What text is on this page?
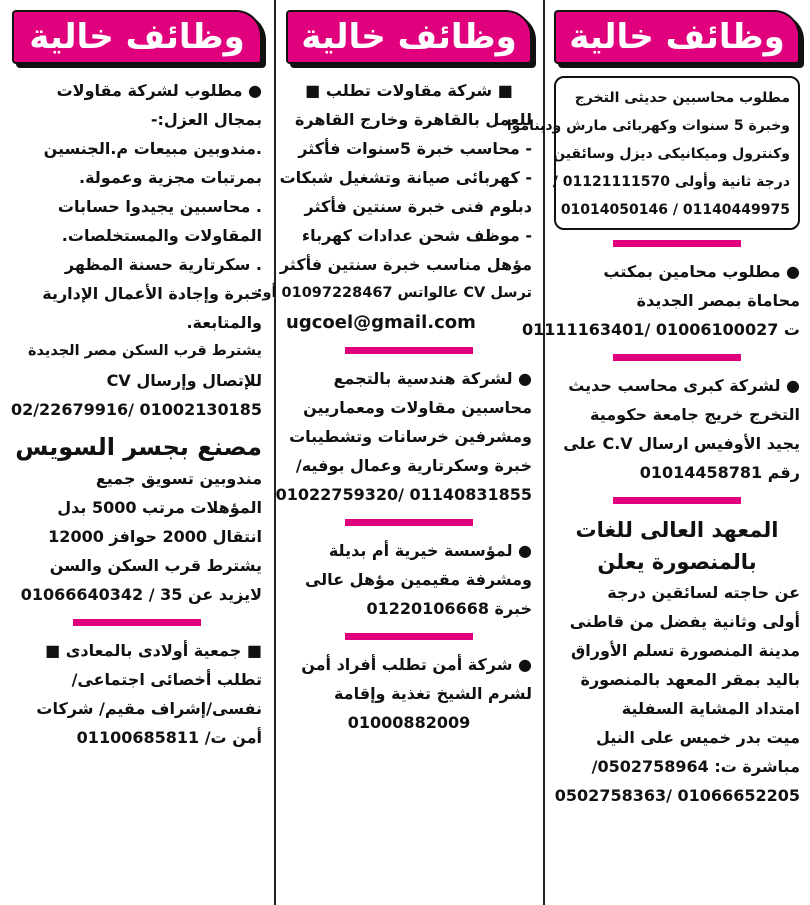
وظائف خالية
مطلوب محاسبين حديثى التخرج
وخبرة 5 سنوات وكهربائى مارش وديناموا
وكنترول وميكانيكى ديزل وسائقين
درجة ثانية وأولى 01121111570 /
01140449975 / 01014050146
● مطلوب محامين بمكتب
محاماة بمصر الجديدة
ت 01006100027 /01111163401
● لشركة كبرى محاسب حديث
التخرج خريج جامعة حكومية
يجيد الأوفيس ارسال C.V على
رقم 01014458781
المعهد العالى للغات
بالمنصورة يعلن
عن حاجته لسائقين درجة
أولى وثانية يفضل من قاطنى
مدينة المنصورة تسلم الأوراق
باليد بمقر المعهد بالمنصورة
امتداد المشاية السفلية
ميت بدر خميس على النيل
مباشرة ت: 0502758964/
01066652205 /0502758363
وظائف خالية
■ شركة مقاولات تطلب ■
للعمل بالقاهرة وخارج القاهرة
- محاسب خبرة 5سنوات فأكثر
- كهربائى صيانة وتشغيل شبكات
دبلوم فنى خبرة سنتين فأكثر
- موظف شحن عدادات كهرباء
مؤهل مناسب خبرة سنتين فأكثر
ترسل CV عالواتس 01097228467 أو:
ugcoel@gmail.com
● لشركة هندسية بالتجمع
محاسبين مقاولات ومعماريين
ومشرفين خرسانات وتشطيبات
خبرة وسكرتارية وعمال بوفيه/
01140831855 /01022759320
● لمؤسسة خيرية أم بديلة
ومشرفة مقيمين مؤهل عالى
خبرة 01220106668
● شركة أمن تطلب أفراد أمن
لشرم الشيخ تغذية وإقامة
01000882009
وظائف خالية
● مطلوب لشركة مقاولات
بمجال العزل:-
.مندوبين مبيعات م.الجنسين
بمرتبات مجزية وعمولة.
. محاسبين يجيدوا حسابات
المقاولات والمستخلصات.
. سكرتارية حسنة المظهر
خبرة وإجادة الأعمال الإدارية
والمتابعة.
يشترط قرب السكن مصر الجديدة
للإتصال وإرسال CV
01002130185 /02/22679916
مصنع بجسر السويس
مندوبين تسويق جميع
المؤهلات مرتب 5000 بدل
انتقال 2000 حوافز 12000
يشترط قرب السكن والسن
لايزيد عن 35 / 01066640342
■ جمعية أولادى بالمعادى ■
تطلب أخصائى اجتماعى/
نفسى/إشراف مقيم/ شركات
أمن ت/ 01100685811
